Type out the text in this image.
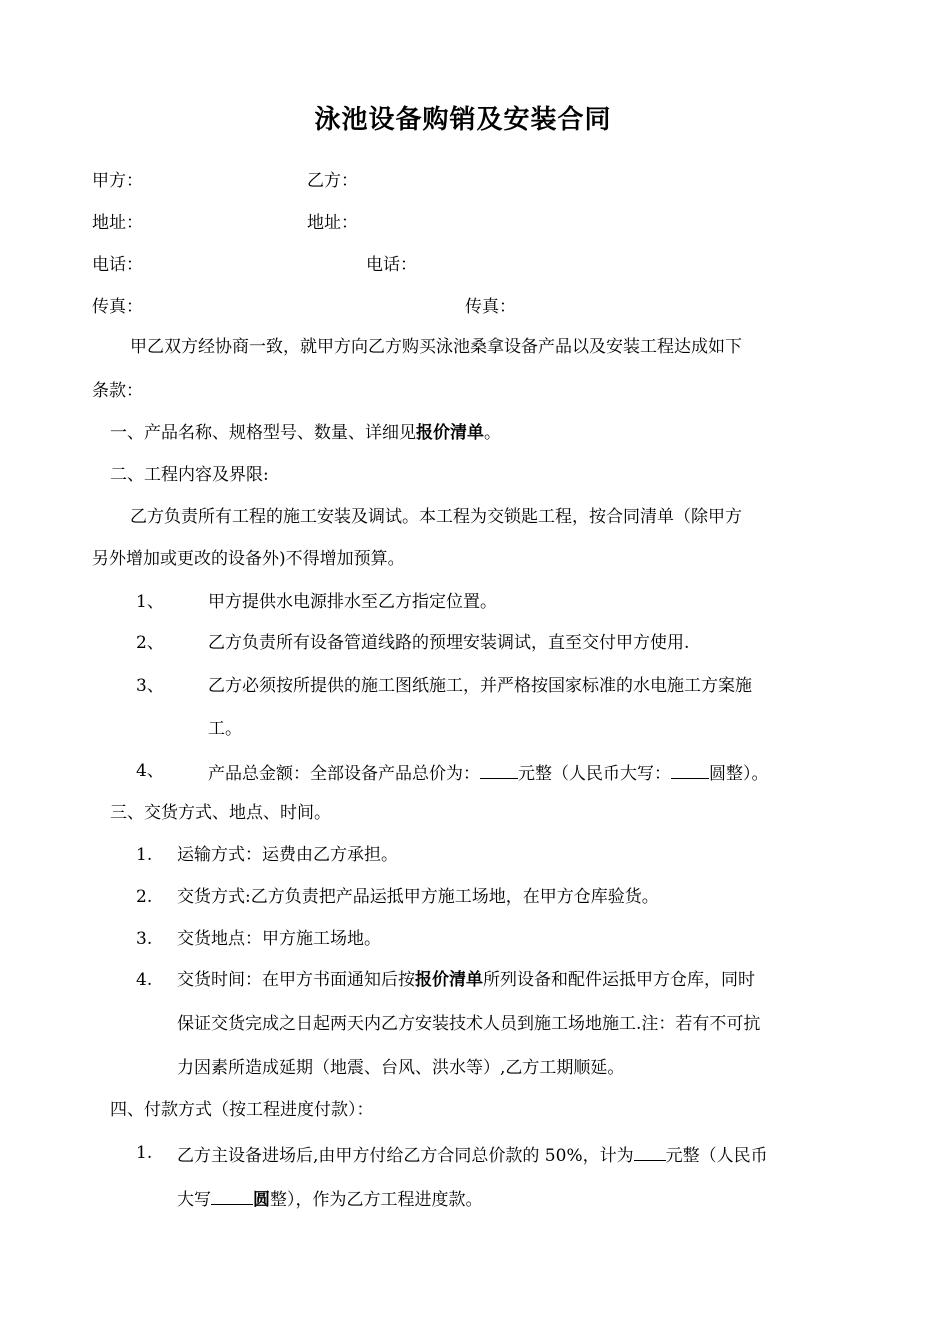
泳池设备购销及安装合同
甲方：	乙方：
地址：	地址：
电话：	电话：
传真：	传真：
甲乙双方经协商一致，就甲方向乙方购买泳池桑拿设备产品以及安装工程达成如下
条款：
一、产品名称、规格型号、数量、详细见报价清单。
二、工程内容及界限:
乙方负责所有工程的施工安装及调试。本工程为交锁匙工程，按合同清单（除甲方
另外增加或更改的设备外)不得增加预算。
1、	甲方提供水电源排水至乙方指定位置。
2、	乙方负责所有设备管道线路的预埋安装调试，直至交付甲方使用.
3、	乙方必须按所提供的施工图纸施工，并严格按国家标准的水电施工方案施
工。
4、	产品总金额：全部设备产品总价为： 元整（人民币大写： 圆整）。
三、交货方式、地点、时间。
1. 运输方式：运费由乙方承担。
2. 交货方式:乙方负责把产品运抵甲方施工场地，在甲方仓库验货。
3. 交货地点：甲方施工场地。
4. 交货时间：在甲方书面通知后按报价清单所列设备和配件运抵甲方仓库，同时
保证交货完成之日起两天内乙方安装技术人员到施工场地施工.注：若有不可抗
力因素所造成延期（地震、台风、洪水等）,乙方工期顺延。
四、付款方式（按工程进度付款）：
1. 乙方主设备进场后,由甲方付给乙方合同总价款的 50%，计为 元整（人民币
大写 圆整），作为乙方工程进度款。
